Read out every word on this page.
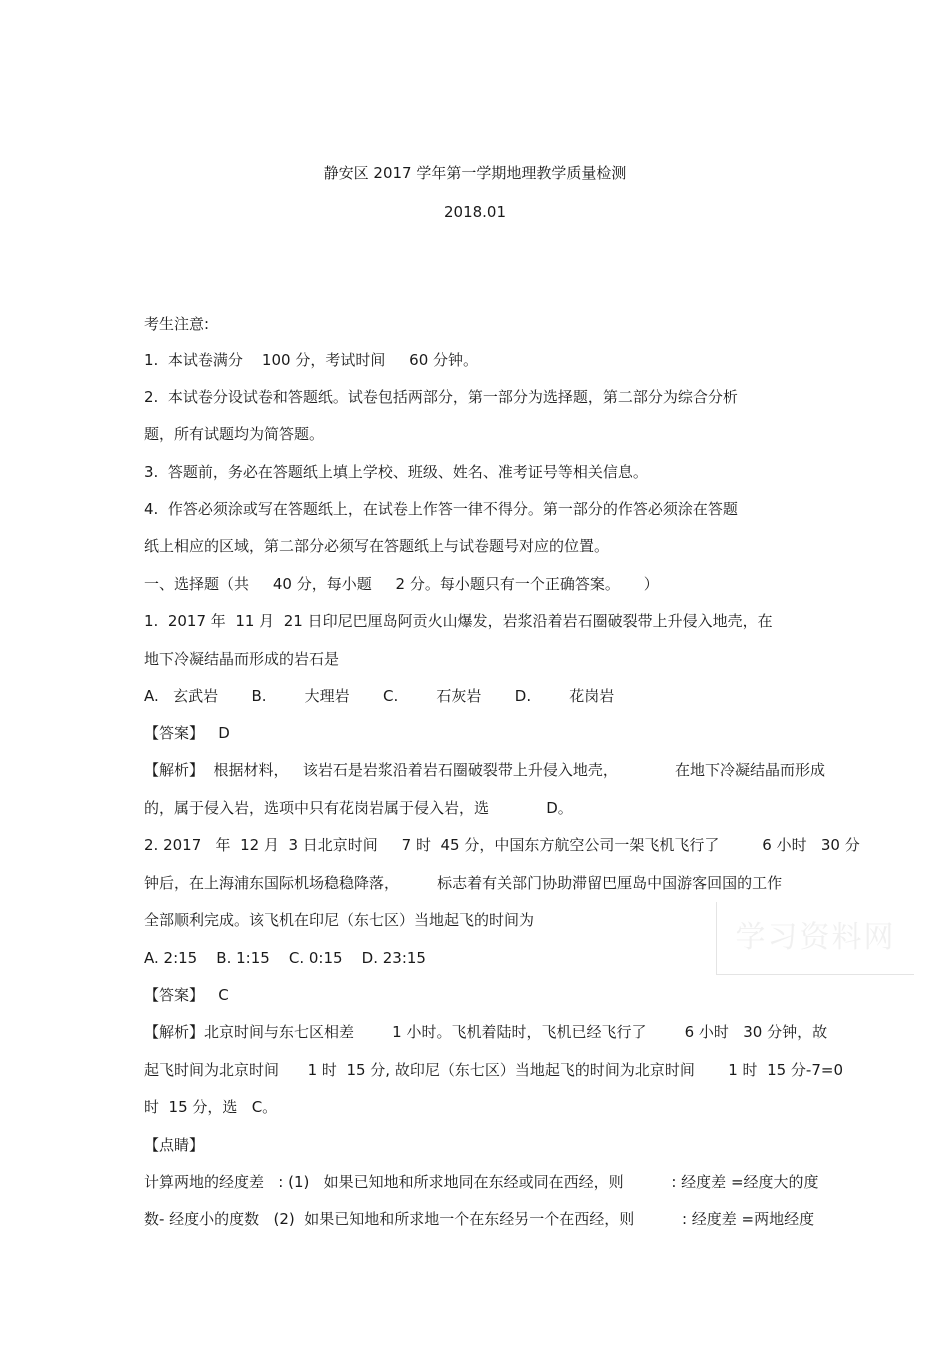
静安区 2017 学年第一学期地理教学质量检测
2018.01
考生注意:
1.  本试卷满分    100 分，考试时间     60 分钟。
2.  本试卷分设试卷和答题纸。试卷包括两部分，第一部分为选择题，第二部分为综合分析
题，所有试题均为简答题。
3.  答题前，务必在答题纸上填上学校、班级、姓名、准考证号等相关信息。
4.  作答必须涂或写在答题纸上，在试卷上作答一律不得分。第一部分的作答必须涂在答题
纸上相应的区域，第二部分必须写在答题纸上与试卷题号对应的位置。
一、选择题（共     40 分，每小题     2 分。每小题只有一个正确答案。     ）
1.  2017 年  11 月  21 日印尼巴厘岛阿贡火山爆发，岩浆沿着岩石圈破裂带上升侵入地壳，在
地下冷凝结晶而形成的岩石是
A.   玄武岩       B.        大理岩       C.        石灰岩       D.        花岗岩
【答案】   D
【解析】  根据材料，   该岩石是岩浆沿着岩石圈破裂带上升侵入地壳，            在地下冷凝结晶而形成
的，属于侵入岩，选项中只有花岗岩属于侵入岩，选            D。
2. 2017   年  12 月  3 日北京时间     7 时  45 分，中国东方航空公司一架飞机飞行了         6 小时   30 分
钟后，在上海浦东国际机场稳稳降落，        标志着有关部门协助滞留巴厘岛中国游客回国的工作
全部顺利完成。该飞机在印尼（东七区）当地起飞的时间为
A. 2:15    B. 1:15    C. 0:15    D. 23:15
【答案】   C
【解析】北京时间与东七区相差        1 小时。飞机着陆时，飞机已经飞行了        6 小时   30 分钟，故
起飞时间为北京时间      1 时  15 分, 故印尼（东七区）当地起飞的时间为北京时间       1 时  15 分-7=0
时  15 分，选   C。
【点睛】
计算两地的经度差   : (1)   如果已知地和所求地同在东经或同在西经，则          : 经度差 =经度大的度
数- 经度小的度数   (2)  如果已知地和所求地一个在东经另一个在西经，则          : 经度差 =两地经度
学习资料网
